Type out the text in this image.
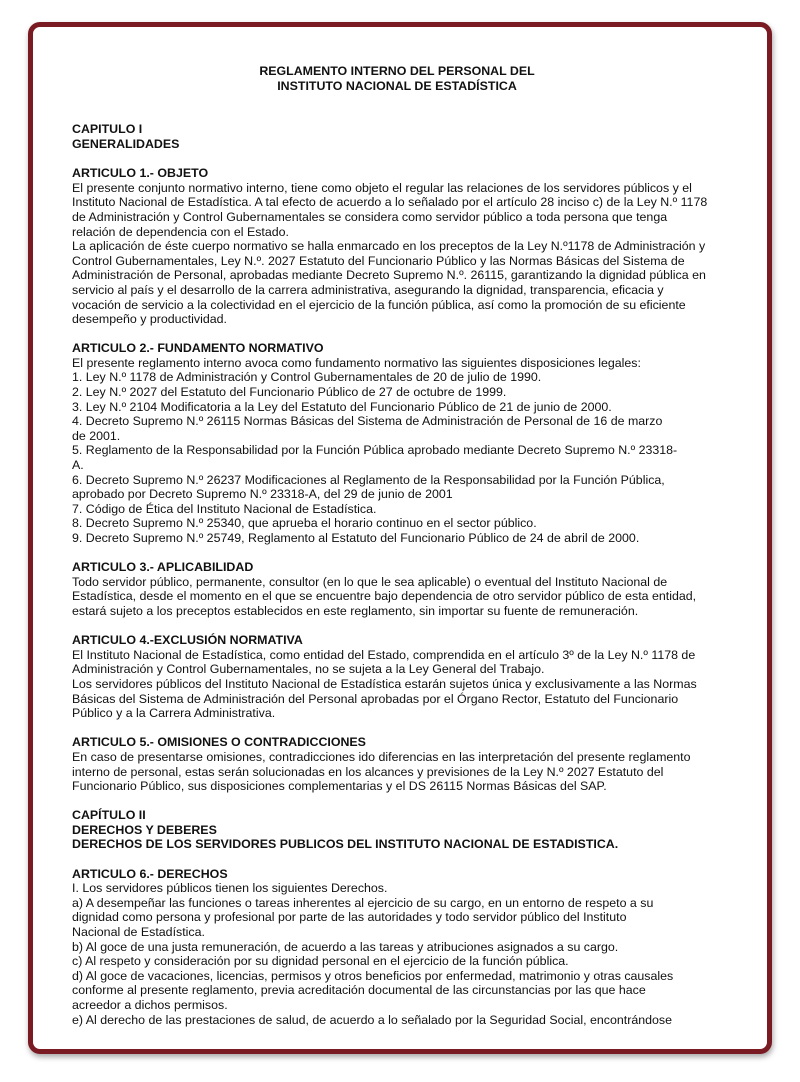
REGLAMENTO INTERNO DEL PERSONAL DEL

INSTITUTO NACIONAL DE ESTADÍSTICA

CAPITULO I

GENERALIDADES

ARTICULO 1.- OBJETO

El presente conjunto normativo interno, tiene como objeto el regular las relaciones de los servidores públicos y el

Instituto Nacional de Estadística. A tal efecto de acuerdo a lo señalado por el artículo 28 inciso c) de la Ley N.º 1178

de Administración y Control Gubernamentales se considera como servidor público a toda persona que tenga

relación de dependencia con el Estado.

La aplicación de éste cuerpo normativo se halla enmarcado en los preceptos de la Ley N.º1178 de Administración y

Control Gubernamentales, Ley N.º. 2027 Estatuto del Funcionario Público y las Normas Básicas del Sistema de

Administración de Personal, aprobadas mediante Decreto Supremo N.º. 26115, garantizando la dignidad pública en

servicio al país y el desarrollo de la carrera administrativa, asegurando la dignidad, transparencia, eficacia y

vocación de servicio a la colectividad en el ejercicio de la función pública, así como la promoción de su eficiente

desempeño y productividad.

ARTICULO 2.- FUNDAMENTO NORMATIVO

El presente reglamento interno avoca como fundamento normativo las siguientes disposiciones legales:

1. Ley N.º 1178 de Administración y Control Gubernamentales de 20 de julio de 1990.

2. Ley N.º 2027 del Estatuto del Funcionario Público de 27 de octubre de 1999.

3. Ley N.º 2104 Modificatoria a la Ley del Estatuto del Funcionario Público de 21 de junio de 2000.

4. Decreto Supremo N.º 26115 Normas Básicas del Sistema de Administración de Personal de 16 de marzo

de 2001.

5. Reglamento de la Responsabilidad por la Función Pública aprobado mediante Decreto Supremo N.º 23318-

A.

6. Decreto Supremo N.º 26237 Modificaciones al Reglamento de la Responsabilidad por la Función Pública,

aprobado por Decreto Supremo N.º 23318-A, del 29 de junio de 2001

7. Código de Ética del Instituto Nacional de Estadística.

8. Decreto Supremo N.º 25340, que aprueba el horario continuo en el sector público.

9. Decreto Supremo N.º 25749, Reglamento al Estatuto del Funcionario Público de 24 de abril de 2000.

ARTICULO 3.- APLICABILIDAD

Todo servidor público, permanente, consultor (en lo que le sea aplicable) o eventual del Instituto Nacional de

Estadística, desde el momento en el que se encuentre bajo dependencia de otro servidor público de esta entidad,

estará sujeto a los preceptos establecidos en este reglamento, sin importar su fuente de remuneración.

ARTICULO 4.-EXCLUSIÓN NORMATIVA

El Instituto Nacional de Estadística, como entidad del Estado, comprendida en el artículo 3º de la Ley N.º 1178 de

Administración y Control Gubernamentales, no se sujeta a la Ley General del Trabajo.

Los servidores públicos del Instituto Nacional de Estadística estarán sujetos única y exclusivamente a las Normas

Básicas del Sistema de Administración del Personal aprobadas por el Órgano Rector, Estatuto del Funcionario

Público y a la Carrera Administrativa.

ARTICULO 5.- OMISIONES O CONTRADICCIONES

En caso de presentarse omisiones, contradicciones ido diferencias en las interpretación del presente reglamento

interno de personal, estas serán solucionadas en los alcances y previsiones de la Ley N.º 2027 Estatuto del

Funcionario Público, sus disposiciones complementarias y el DS 26115 Normas Básicas del SAP.

CAPÍTULO II

DERECHOS Y DEBERES

DERECHOS DE LOS SERVIDORES PUBLICOS DEL INSTITUTO NACIONAL DE ESTADISTICA.

ARTICULO 6.- DERECHOS

I. Los servidores públicos tienen los siguientes Derechos.

a) A desempeñar las funciones o tareas inherentes al ejercicio de su cargo, en un entorno de respeto a su

dignidad como persona y profesional por parte de las autoridades y todo servidor público del Instituto

Nacional de Estadística.

b) Al goce de una justa remuneración, de acuerdo a las tareas y atribuciones asignados a su cargo.

c) Al respeto y consideración por su dignidad personal en el ejercicio de la función pública.

d) Al goce de vacaciones, licencias, permisos y otros beneficios por enfermedad, matrimonio y otras causales

conforme al presente reglamento, previa acreditación documental de las circunstancias por las que hace

acreedor a dichos permisos.

e) Al derecho de las prestaciones de salud, de acuerdo a lo señalado por la Seguridad Social, encontrándose
